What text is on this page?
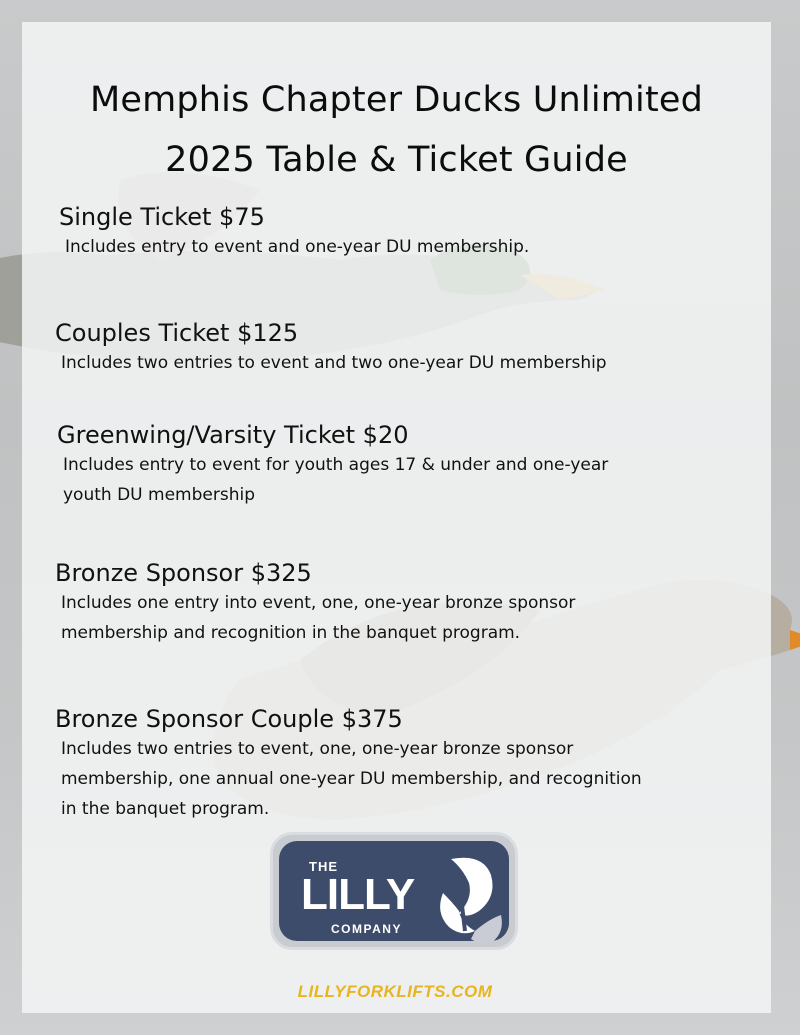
Memphis Chapter Ducks Unlimited
2025 Table & Ticket Guide
Single Ticket $75

Includes entry to event and one-year DU membership.

Couples Ticket $125

Includes two entries to event and two one-year DU membership

Greenwing/Varsity Ticket $20

Includes entry to event for youth ages 17 & under and one-year

youth DU membership

Bronze Sponsor $325

Includes one entry into event, one, one-year bronze sponsor

membership and recognition in the banquet program.

Bronze Sponsor Couple $375

Includes two entries to event, one, one-year bronze sponsor

membership, one annual one-year DU membership, and recognition

in the banquet program.

THE
LILLY
COMPANY
LILLYFORKLIFTS.COM
